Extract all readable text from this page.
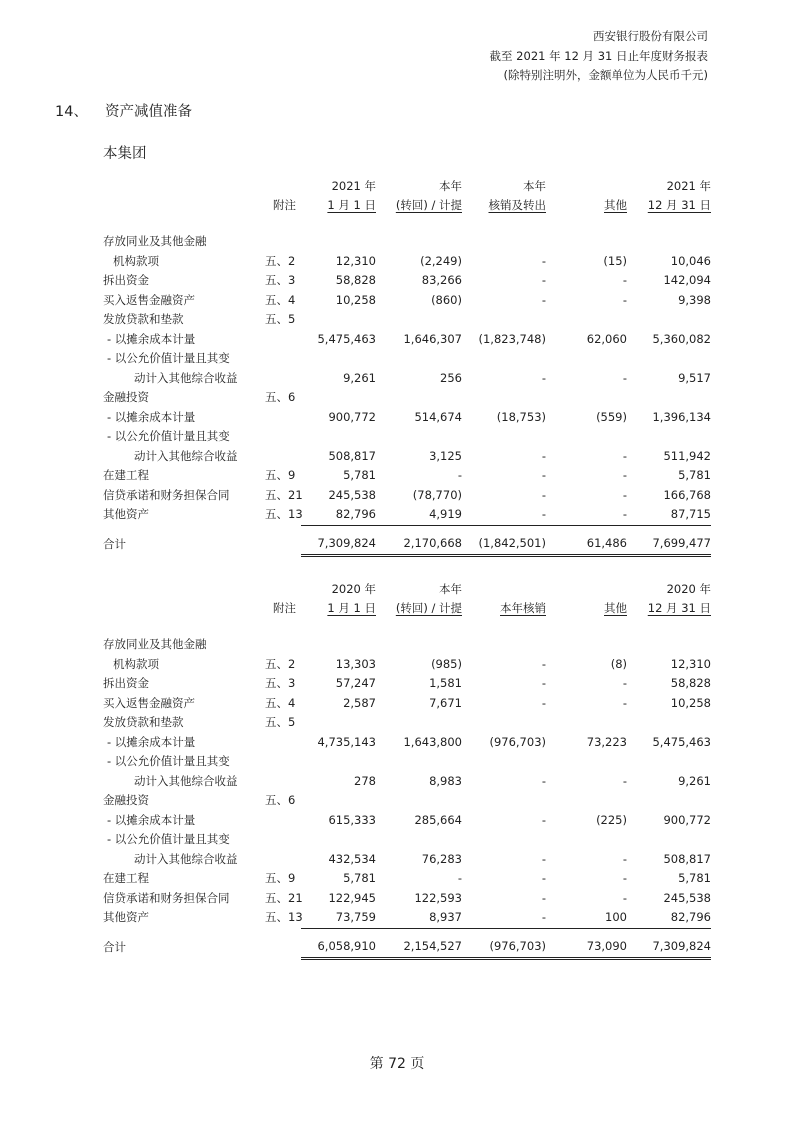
西安银行股份有限公司
截至 2021 年 12 月 31 日止年度财务报表
(除特别注明外，金额单位为人民币千元)
14、 资产减值准备
本集团
		2021 年	本年	本年		2021 年
	附注	1 月 1 日	(转回) / 计提	核销及转出	其他	12 月 31 日

存放同业及其他金融						
机构款项	五、2	12,310	(2,249)	-	(15)	10,046
拆出资金	五、3	58,828	83,266	-	-	142,094
买入返售金融资产	五、4	10,258	(860)	-	-	9,398
发放贷款和垫款	五、5					
- 以摊余成本计量		5,475,463	1,646,307	(1,823,748)	62,060	5,360,082
- 以公允价值计量且其变						
动计入其他综合收益		9,261	256	-	-	9,517
金融投资	五、6					
- 以摊余成本计量		900,772	514,674	(18,753)	(559)	1,396,134
- 以公允价值计量且其变						
动计入其他综合收益		508,817	3,125	-	-	511,942
在建工程	五、9	5,781	-	-	-	5,781
信贷承诺和财务担保合同	五、21	245,538	(78,770)	-	-	166,768
其他资产	五、13	82,796	4,919	-	-	87,715

合计		7,309,824	2,170,668	(1,842,501)	61,486	7,699,477
		2020 年	本年			2020 年
	附注	1 月 1 日	(转回) / 计提	本年核销	其他	12 月 31 日

存放同业及其他金融						
机构款项	五、2	13,303	(985)	-	(8)	12,310
拆出资金	五、3	57,247	1,581	-	-	58,828
买入返售金融资产	五、4	2,587	7,671	-	-	10,258
发放贷款和垫款	五、5					
- 以摊余成本计量		4,735,143	1,643,800	(976,703)	73,223	5,475,463
- 以公允价值计量且其变						
动计入其他综合收益		278	8,983	-	-	9,261
金融投资	五、6					
- 以摊余成本计量		615,333	285,664	-	(225)	900,772
- 以公允价值计量且其变						
动计入其他综合收益		432,534	76,283	-	-	508,817
在建工程	五、9	5,781	-	-	-	5,781
信贷承诺和财务担保合同	五、21	122,945	122,593	-	-	245,538
其他资产	五、13	73,759	8,937	-	100	82,796

合计		6,058,910	2,154,527	(976,703)	73,090	7,309,824
第 72 页
